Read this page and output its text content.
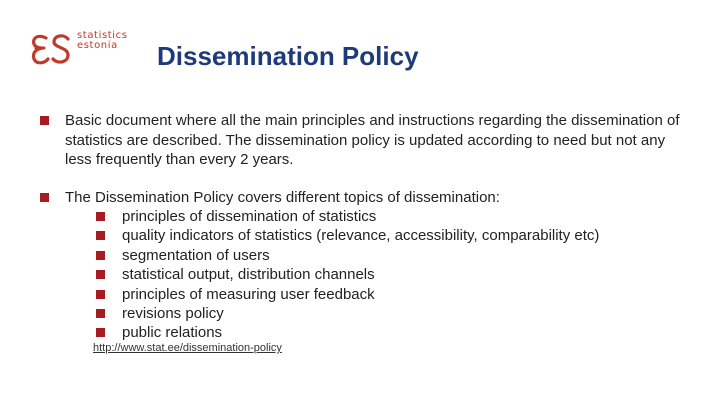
statistics
estonia	Dissemination Policy
Basic document where all the main principles and instructions regarding the dissemination of statistics are described. The dissemination policy is updated according to need but not any less frequently than every 2 years.
The Dissemination Policy covers different topics of dissemination:
principles of dissemination of statistics
quality indicators of statistics (relevance, accessibility, comparability etc)
segmentation of users
statistical output, distribution channels
principles of measuring user feedback
revisions policy
public relations
http://www.stat.ee/dissemination-policy
